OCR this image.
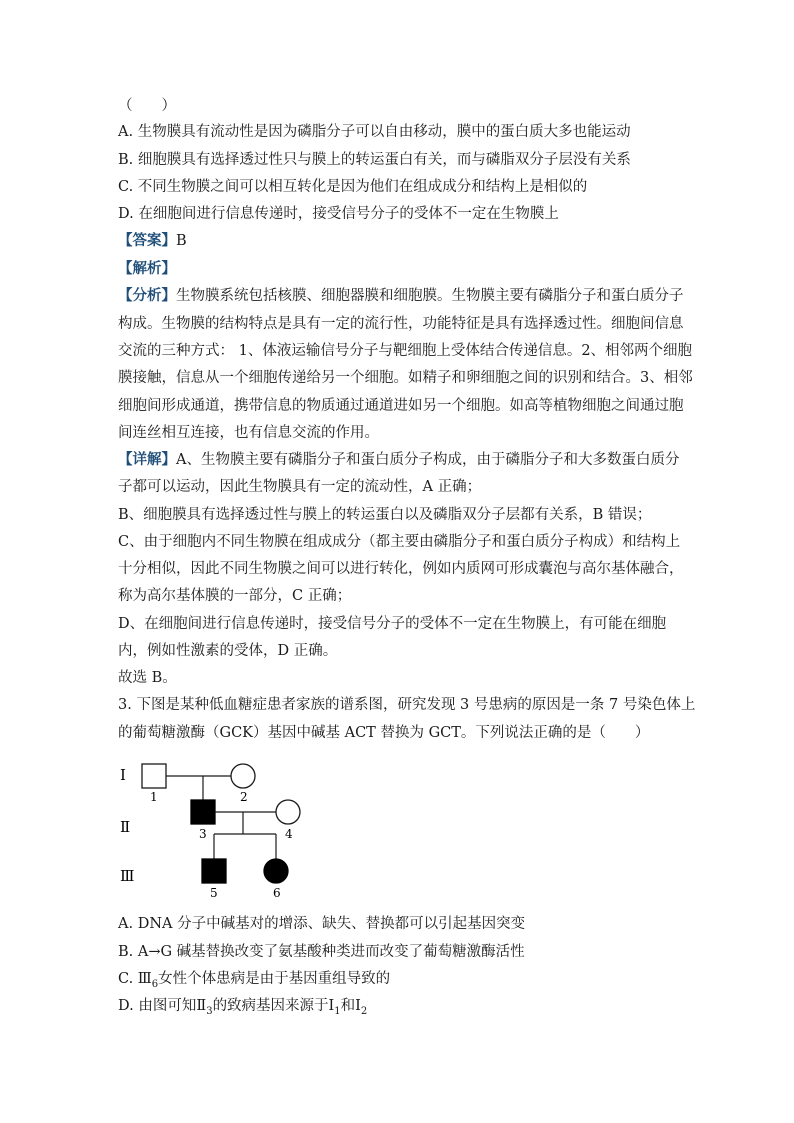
（　　）
A. 生物膜具有流动性是因为磷脂分子可以自由移动，膜中的蛋白质大多也能运动
B. 细胞膜具有选择透过性只与膜上的转运蛋白有关，而与磷脂双分子层没有关系
C. 不同生物膜之间可以相互转化是因为他们在组成成分和结构上是相似的
D. 在细胞间进行信息传递时，接受信号分子的受体不一定在生物膜上
【答案】B
【解析】
【分析】生物膜系统包括核膜、细胞器膜和细胞膜。生物膜主要有磷脂分子和蛋白质分子
构成。生物膜的结构特点是具有一定的流行性，功能特征是具有选择透过性。细胞间信息
交流的三种方式： 1、体液运输信号分子与靶细胞上受体结合传递信息。2、相邻两个细胞
膜接触，信息从一个细胞传递给另一个细胞。如精子和卵细胞之间的识别和结合。3、相邻
细胞间形成通道，携带信息的物质通过通道进如另一个细胞。如高等植物细胞之间通过胞
间连丝相互连接，也有信息交流的作用。
【详解】A、生物膜主要有磷脂分子和蛋白质分子构成，由于磷脂分子和大多数蛋白质分
子都可以运动，因此生物膜具有一定的流动性，A 正确；
B、细胞膜具有选择透过性与膜上的转运蛋白以及磷脂双分子层都有关系，B 错误；
C、由于细胞内不同生物膜在组成成分（都主要由磷脂分子和蛋白质分子构成）和结构上
十分相似，因此不同生物膜之间可以进行转化，例如内质网可形成囊泡与高尔基体融合，
称为高尔基体膜的一部分，C 正确；
D、在细胞间进行信息传递时，接受信号分子的受体不一定在生物膜上，有可能在细胞
内，例如性激素的受体，D 正确。
故选 B。
3. 下图是某种低血糖症患者家族的谱系图，研究发现 3 号患病的原因是一条 7 号染色体上
的葡萄糖激酶（GCK）基因中碱基 ACT 替换为 GCT。下列说法正确的是（　　）
Ⅰ
Ⅱ
Ⅲ
1	2
3	4
5	6
A. DNA 分子中碱基对的增添、缺失、替换都可以引起基因突变
B. A→G 碱基替换改变了氨基酸种类进而改变了葡萄糖激酶活性
C. $Ⅲ_6$女性个体患病是由于基因重组导致的
D. 由图可知$Ⅱ_3$的致病基因来源于$Ⅰ_1$和$Ⅰ_2$
